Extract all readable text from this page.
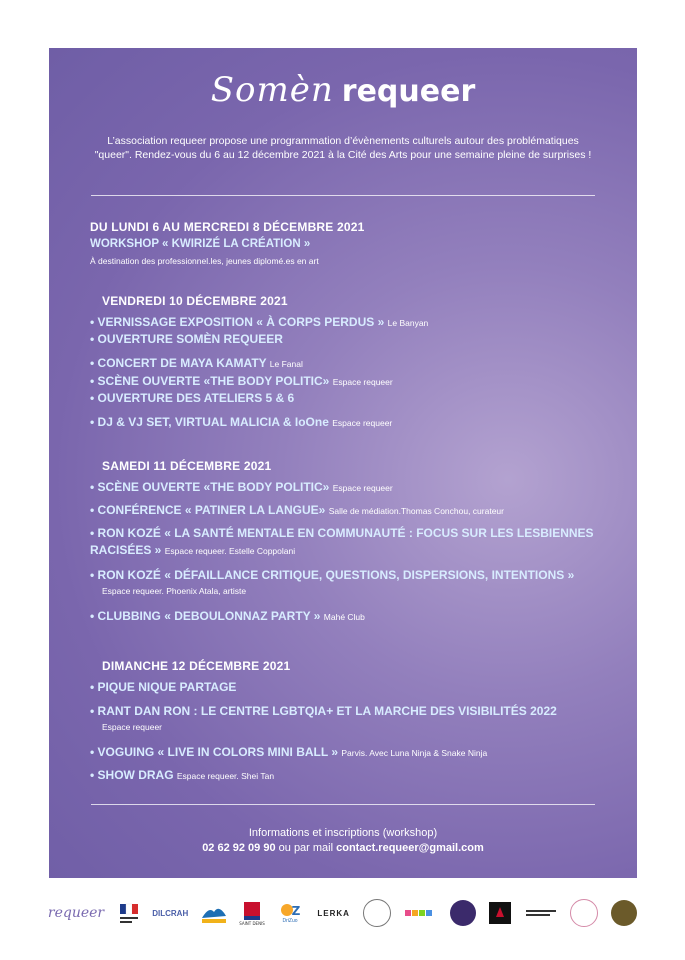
Somèn requeer
L’association requeer propose une programmation d’évènements culturels autour des problématiques "queer". Rendez-vous du 6 au 12 décembre 2021 à la Cité des Arts pour une semaine pleine de surprises !
DU LUNDI 6 AU MERCREDI 8 DÉCEMBRE 2021
WORKSHOP « KWIRIZÉ LA CRÉATION »
À destination des professionnel.les, jeunes diplomé.es en art
VENDREDI 10 DÉCEMBRE 2021
18h	• VERNISSAGE EXPOSITION « À CORPS PERDUS » Le Banyan
• OUVERTURE SOMÈN REQUEER
20h	• CONCERT DE MAYA KAMATY Le Fanal
• SCÈNE OUVERTE «THE BODY POLITIC» Espace requeer
• OUVERTURE DES ATELIERS 5 & 6
21h	• DJ & VJ SET, VIRTUAL MALICIA & IoOne Espace requeer
SAMEDI 11 DÉCEMBRE 2021
14h	• SCÈNE OUVERTE «THE BODY POLITIC» Espace requeer
14h30	• CONFÉRENCE « PATINER LA LANGUE» Salle de médiation.Thomas Conchou, curateur
17h	• RON KOZÉ « LA SANTÉ MENTALE EN COMMUNAUTÉ : FOCUS SUR LES LESBIENNES RACISÉES » Espace requeer. Estelle Coppolani
19h	• RON KOZÉ « DÉFAILLANCE CRITIQUE, QUESTIONS, DISPERSIONS, INTENTIONS »
Espace requeer. Phoenix Atala, artiste
22h	• CLUBBING « DEBOULONNAZ PARTY » Mahé Club
DIMANCHE 12 DÉCEMBRE 2021
13h	• PIQUE NIQUE PARTAGE
15h	• RANT DAN RON : LE CENTRE LGBTQIA+ ET LA MARCHE DES VISIBILITÉS 2022
Espace requeer
19h	• VOGUING « LIVE IN COLORS MINI BALL » Parvis. Avec Luna Ninja & Snake Ninja
20h30	• SHOW DRAG Espace requeer. Shei Tan
Informations et inscriptions (workshop)
02 62 92 09 90 ou par mail contact.requeer@gmail.com
requeer	DILCRAH
SAINT DENIS
Z
DriZuo
LERKA
